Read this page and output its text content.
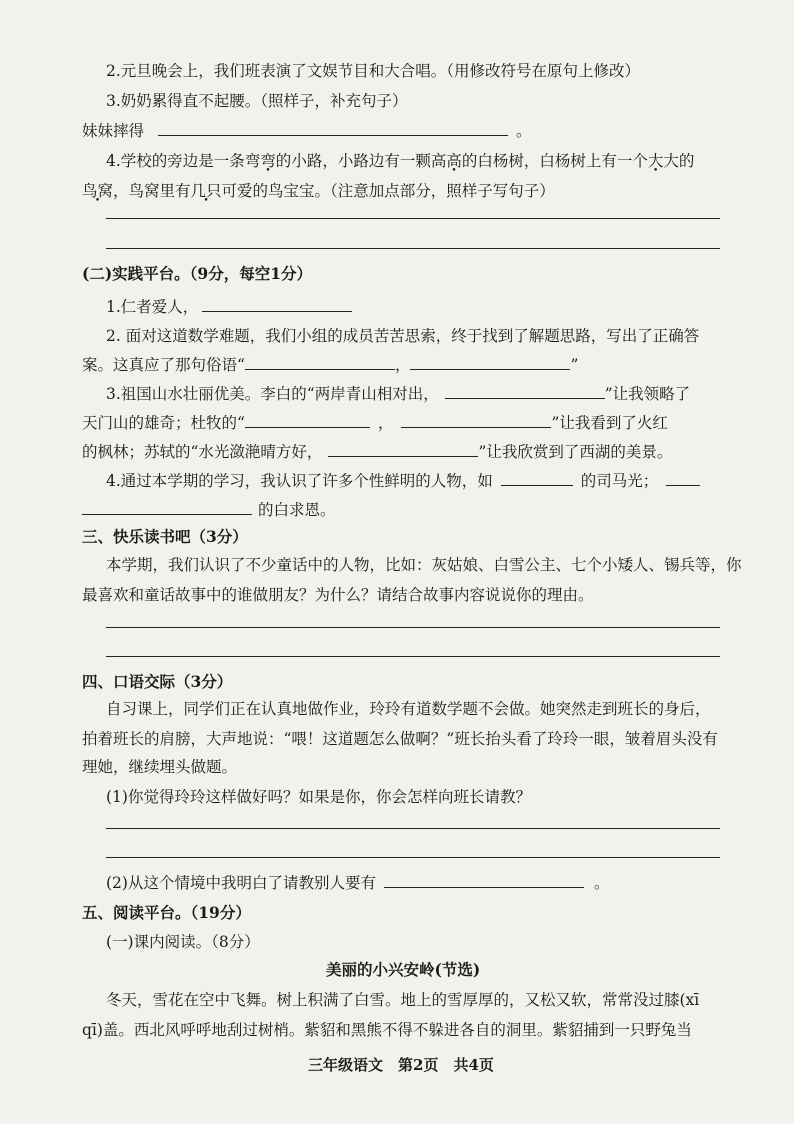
2.元旦晚会上，我们班表演了文娱节目和大合唱。（用修改符号在原句上修改）
3.奶奶累得直不起腰。（照样子，补充句子）
妹妹摔得	。
4.学校的旁边是一条弯弯的小路，小路边有一颗高高的白杨树，白杨树上有一个大大的 •
鸟窝，鸟窝里有几只可爱的鸟宝宝。（注意加点部分，照样子写句子）
(二)实践平台。（9分，每空1分）
1.仁者爱人，
2. 面对这道数学难题，我们小组的成员苦苦思索，终于找到了解题思路，写出了正确答
案。这真应了那句俗语“	，	”
3.祖国山水壮丽优美。李白的“两岸青山相对出，	”让我领略了
天门山的雄奇；杜牧的“	，	”让我看到了火红
的枫林；苏轼的“水光潋滟晴方好，	”让我欣赏到了西湖的美景。
4.通过本学期的学习，我认识了许多个性鲜明的人物，如	的司马光；
的白求恩。
三、快乐读书吧（3分）
本学期，我们认识了不少童话中的人物，比如：灰姑娘、白雪公主、七个小矮人、锡兵等，你
最喜欢和童话故事中的谁做朋友？为什么？请结合故事内容说说你的理由。
四、口语交际（3分）
自习课上，同学们正在认真地做作业，玲玲有道数学题不会做。她突然走到班长的身后，
拍着班长的肩膀，大声地说：“喂！这道题怎么做啊？”班长抬头看了玲玲一眼，皱着眉头没有
理她，继续埋头做题。
(1)你觉得玲玲这样做好吗？如果是你，你会怎样向班长请教？
(2)从这个情境中我明白了请教别人要有	。
五、阅读平台。（19分）
(一)课内阅读。（8分）
美丽的小兴安岭(节选)
冬天，雪花在空中飞舞。树上积满了白雪。地上的雪厚厚的，又松又软，常常没过膝(xī
qī)盖。西北风呼呼地刮过树梢。紫貂和黑熊不得不躲进各自的洞里。紫貂捕到一只野兔当
三年级语文　第2页　共4页
